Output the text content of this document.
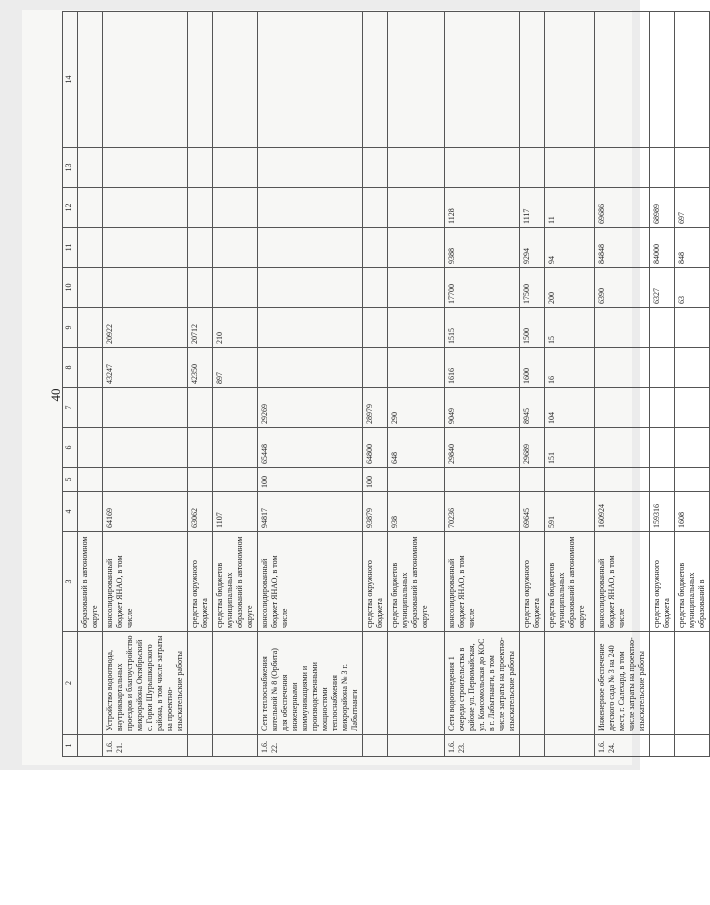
40
1	2	3	4	5	6	7	8	9	10	11	12	13	14
		образований в автономном округе											
1.6.21.	Устройство водоотвода, внутриквартальных проездов и благоустройство микрорайона Октябрьский с. Горки Шурышкарского района, в том числе затраты на проектно-изыскательские работы	консолидированный бюджет ЯНАО, в том числе	64169				43247	20922					
		средства окружного бюджета	63062				42350	20712					
		средства бюджетов муниципальных образований в автономном округе	1107				897	210					
1.6.22.	Сети теплоснабжения котельной № 8 (Орбита) для обеспечения инженерными коммуникациями и производственными мощностями теплоснабжения микрорайона № 3 г. Лабытнанги	консолидированный бюджет ЯНАО, в том числе	94817	100	65448	29269							
		средства окружного бюджета	93879	100	64800	28979							
		средства бюджетов муниципальных образований в автономном округе	938		648	290							
1.6.23.	Сети водоотведения 1 очереди строительства в районе ул. Первомайская, ул. Комсомольская до КОС в г. Лабытнанги, в том числе затраты на проектно-изыскательские работы	консолидированный бюджет ЯНАО, в том числе	70236		29840	9049	1616	1515	17700	9388	1128		
		средства окружного бюджета	69645		29689	8945	1600	1500	17500	9294	1117		
		средства бюджетов муниципальных образований в автономном округе	591		151	104	16	15	200	94	11		
1.6.24.	Инженерное обеспечение детского сада № 3 на 240 мест, г. Салехард, в том числе затраты на проектно-изыскательские работы	консолидированный бюджет ЯНАО, в том числе	160924						6390	84848	69686		
		средства окружного бюджета	159316						6327	84000	68989		
		средства бюджетов муниципальных образований в	1608						63	848	697		
